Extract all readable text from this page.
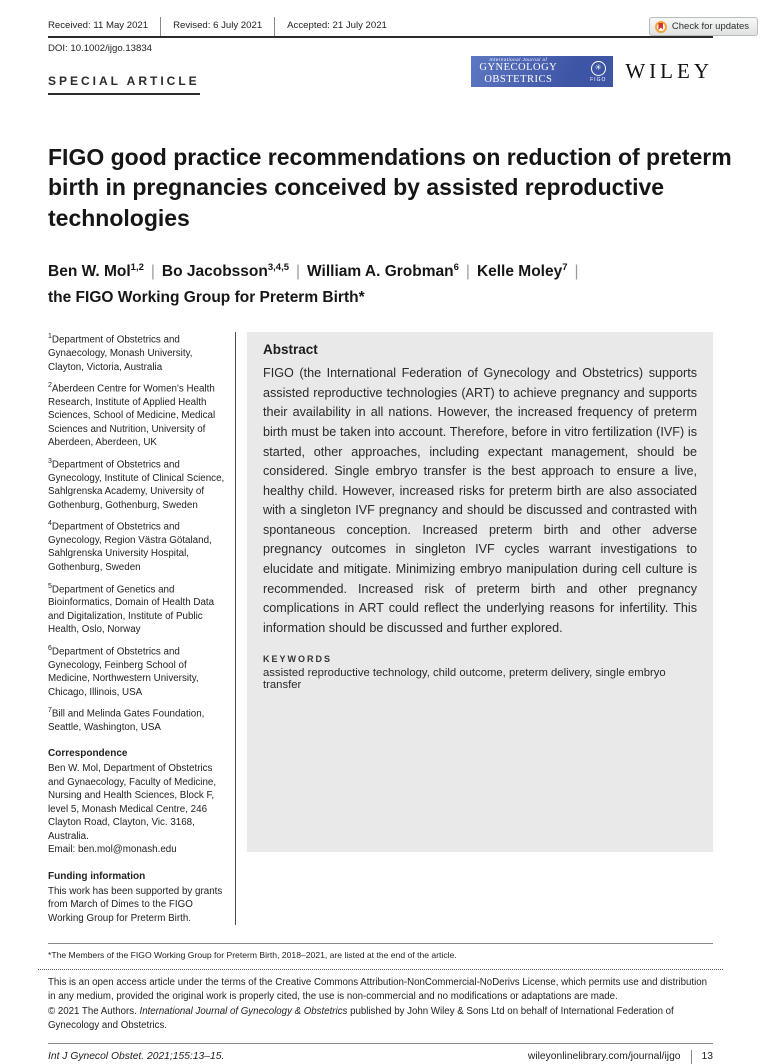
Check for updates
Received: 11 May 2021	Revised: 6 July 2021	Accepted: 21 July 2021
DOI: 10.1002/ijgo.13834
SPECIAL ARTICLE
International Journal of
GYNECOLOGY
OBSTETRICS
✳
FIGO WILEY
FIGO good practice recommendations on reduction of preterm birth in pregnancies conceived by assisted reproductive technologies
Ben W. Mol$^{1,2}$ | Bo Jacobsson$^{3,4,5}$ | William A. Grobman$^6$ | Kelle Moley$^7$ |
the FIGO Working Group for Preterm Birth*
$^1$Department of Obstetrics and Gynaecology, Monash University, Clayton, Victoria, Australia
$^2$Aberdeen Centre for Women's Health Research, Institute of Applied Health Sciences, School of Medicine, Medical Sciences and Nutrition, University of Aberdeen, Aberdeen, UK
$^3$Department of Obstetrics and Gynecology, Institute of Clinical Science, Sahlgrenska Academy, University of Gothenburg, Gothenburg, Sweden
$^4$Department of Obstetrics and Gynecology, Region Västra Götaland, Sahlgrenska University Hospital, Gothenburg, Sweden
$^5$Department of Genetics and Bioinformatics, Domain of Health Data and Digitalization, Institute of Public Health, Oslo, Norway
$^6$Department of Obstetrics and Gynecology, Feinberg School of Medicine, Northwestern University, Chicago, Illinois, USA
$^7$Bill and Melinda Gates Foundation, Seattle, Washington, USA
Correspondence
Ben W. Mol, Department of Obstetrics and Gynaecology, Faculty of Medicine, Nursing and Health Sciences, Block F, level 5, Monash Medical Centre, 246 Clayton Road, Clayton, Vic. 3168, Australia.
Email: ben.mol@monash.edu
Funding information
This work has been supported by grants from March of Dimes to the FIGO Working Group for Preterm Birth.
Abstract
FIGO (the International Federation of Gynecology and Obstetrics) supports assisted reproductive technologies (ART) to achieve pregnancy and supports their availability in all nations. However, the increased frequency of preterm birth must be taken into account. Therefore, before in vitro fertilization (IVF) is started, other approaches, including expectant management, should be considered. Single embryo transfer is the best approach to ensure a live, healthy child. However, increased risks for preterm birth are also associated with a singleton IVF pregnancy and should be discussed and contrasted with spontaneous conception. Increased preterm birth and other adverse pregnancy outcomes in singleton IVF cycles warrant investigations to elucidate and mitigate. Minimizing embryo manipulation during cell culture is recommended. Increased risk of preterm birth and other pregnancy complications in ART could reflect the underlying reasons for infertility. This information should be discussed and further explored.
KEYWORDS
assisted reproductive technology, child outcome, preterm delivery, single embryo transfer
*The Members of the FIGO Working Group for Preterm Birth, 2018–2021, are listed at the end of the article.
This is an open access article under the terms of the Creative Commons Attribution-NonCommercial-NoDerivs License, which permits use and distribution in any medium, provided the original work is properly cited, the use is non-commercial and no modifications or adaptations are made.
© 2021 The Authors. International Journal of Gynecology & Obstetrics published by John Wiley & Sons Ltd on behalf of International Federation of Gynecology and Obstetrics.
Int J Gynecol Obstet. 2021;155:13–15.	wileyonlinelibrary.com/journal/ijgo 13
